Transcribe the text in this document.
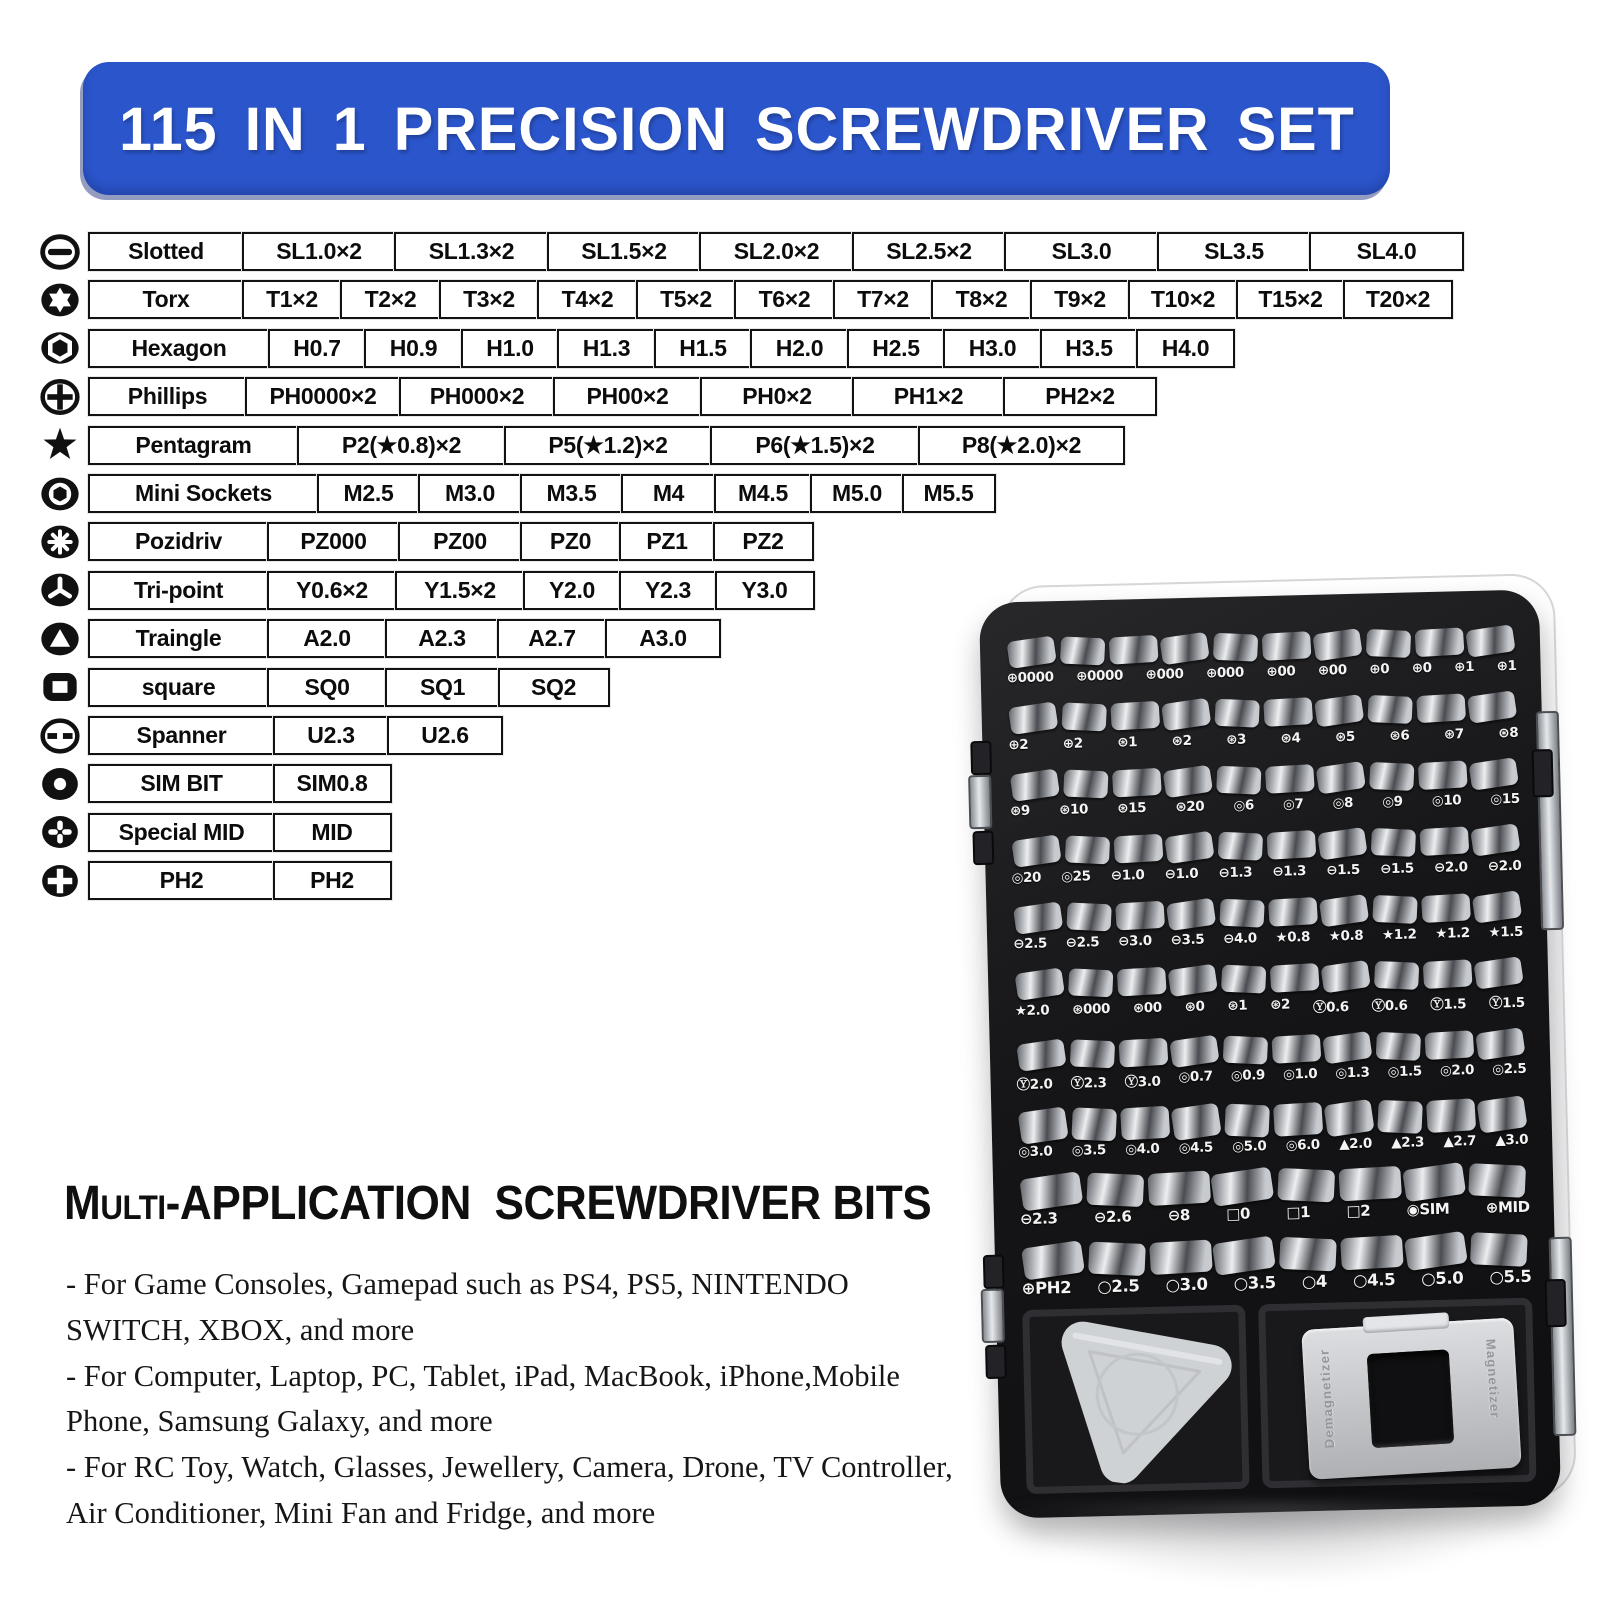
115 IN 1 PRECISION SCREWDRIVER SET
Slotted	SL1.0×2	SL1.3×2	SL1.5×2	SL2.0×2	SL2.5×2	SL3.0	SL3.5	SL4.0
Torx	T1×2	T2×2	T3×2	T4×2	T5×2	T6×2	T7×2	T8×2	T9×2	T10×2	T15×2	T20×2
Hexagon	H0.7	H0.9	H1.0	H1.3	H1.5	H2.0	H2.5	H3.0	H3.5	H4.0
Phillips	PH0000×2	PH000×2	PH00×2	PH0×2	PH1×2	PH2×2
Pentagram	P2(★0.8)×2	P5(★1.2)×2	P6(★1.5)×2	P8(★2.0)×2
Mini Sockets	M2.5	M3.0	M3.5	M4	M4.5	M5.0	M5.5
Pozidriv	PZ000	PZ00	PZ0	PZ1	PZ2
Tri-point	Y0.6×2	Y1.5×2	Y2.0	Y2.3	Y3.0
Traingle	A2.0	A2.3	A2.7	A3.0
square	SQ0	SQ1	SQ2
Spanner	U2.3	U2.6
SIM BIT	SIM0.8
Special MID	MID
PH2	PH2
Multi-APPLICATION  SCREWDRIVER BITS

- For Game Consoles, Gamepad such as PS4, PS5, NINTENDO SWITCH, XBOX, and more

- For Computer, Laptop, PC, Tablet, iPad, MacBook, iPhone,Mobile Phone, Samsung Galaxy, and more

- For RC Toy, Watch, Glasses, Jewellery, Camera, Drone, TV Controller, Air Conditioner, Mini Fan and Fridge, and more

⊕0000 ⊕0000 ⊕000 ⊕000 ⊕00 ⊕00 ⊕0 ⊕0 ⊕1 ⊕1
⊕2	⊕2	⊛1	⊛2	⊛3	⊛4	⊛5	⊛6	⊛7	⊛8
⊛9 ⊛10 ⊛15 ⊛20 ◎6 ◎7 ◎8 ◎9 ◎10 ◎15
◎20 ◎25 ⊖1.0 ⊖1.0 ⊖1.3 ⊖1.3 ⊖1.5 ⊖1.5 ⊖2.0 ⊖2.0
⊖2.5 ⊖2.5 ⊖3.0 ⊖3.5 ⊖4.0 ★0.8 ★0.8 ★1.2 ★1.2 ★1.5
★2.0 ⊛000 ⊛00 ⊛0 ⊛1 ⊛2 Ⓨ0.6 Ⓨ0.6 Ⓨ1.5 Ⓨ1.5
Ⓨ2.0 Ⓨ2.3 Ⓨ3.0 ◎0.7 ◎0.9 ◎1.0 ◎1.3 ◎1.5 ◎2.0 ◎2.5
◎3.0 ◎3.5 ◎4.0 ◎4.5 ◎5.0 ◎6.0 ▲2.0 ▲2.3 ▲2.7 ▲3.0
⊖2.3 ⊖2.6 ⊖8 □0 □1 □2 ◉SIM ⊕MID
⊕PH2 ○2.5 ○3.0 ○3.5 ○4 ○4.5 ○5.0 ○5.5
Demagnetizer	Magnetizer
